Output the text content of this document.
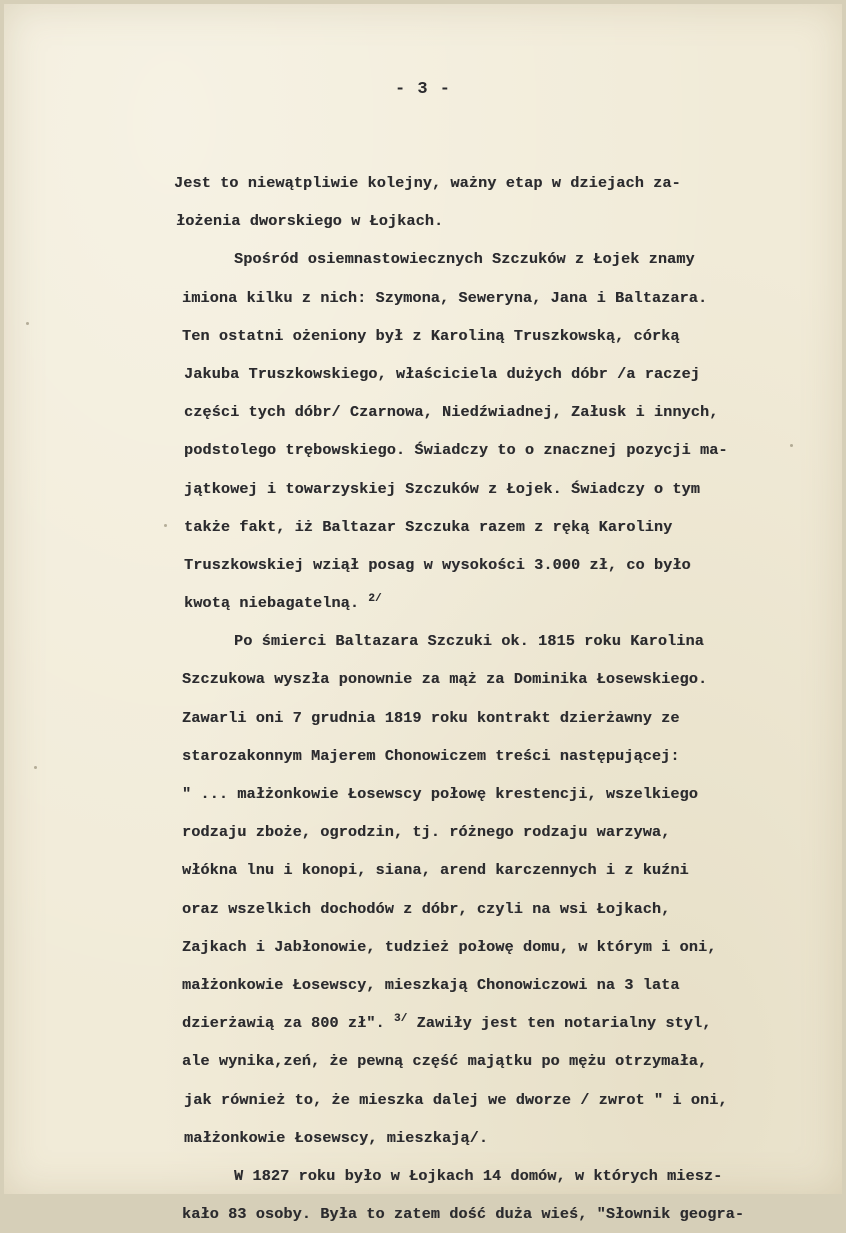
- 3 -
Jest to niewątpliwie kolejny, ważny etap w dziejach za-
łożenia dworskiego w Łojkach.
Spośród osiemnastowiecznych Szczuków z Łojek znamy
imiona kilku z nich: Szymona, Seweryna, Jana i Baltazara.
Ten ostatni ożeniony był z Karoliną Truszkowską, córką
Jakuba Truszkowskiego, właściciela dużych dóbr /a raczej
części tych dóbr/ Czarnowa, Niedźwiadnej, Załusk i innych,
podstolego trębowskiego. Świadczy to o znacznej pozycji ma-
jątkowej i towarzyskiej Szczuków z Łojek. Świadczy o tym
także fakt, iż Baltazar Szczuka razem z ręką Karoliny
Truszkowskiej wziął posag w wysokości 3.000 zł, co było
kwotą niebagatelną. $^{2/}$
Po śmierci Baltazara Szczuki ok. 1815 roku Karolina
Szczukowa wyszła ponownie za mąż za Dominika Łosewskiego.
Zawarli oni 7 grudnia 1819 roku kontrakt dzierżawny ze
starozakonnym Majerem Chonowiczem treści następującej:
" ... małżonkowie Łosewscy połowę krestencji, wszelkiego
rodzaju zboże, ogrodzin, tj. różnego rodzaju warzywa,
włókna lnu i konopi, siana, arend karczennych i z kuźni
oraz wszelkich dochodów z dóbr, czyli na wsi Łojkach,
Zajkach i Jabłonowie, tudzież połowę domu, w którym i oni,
małżonkowie Łosewscy, mieszkają Chonowiczowi na 3 lata
dzierżawią za 800 zł". $^{3/}$ Zawiły jest ten notarialny styl,
ale wynika,zeń, że pewną część majątku po mężu otrzymała,
jak również to, że mieszka dalej we dworze / zwrot " i oni,
małżonkowie Łosewscy, mieszkają/.
W 1827 roku było w Łojkach 14 domów, w których miesz-
kało 83 osoby. Była to zatem dość duża wieś, "Słownik geogra-
